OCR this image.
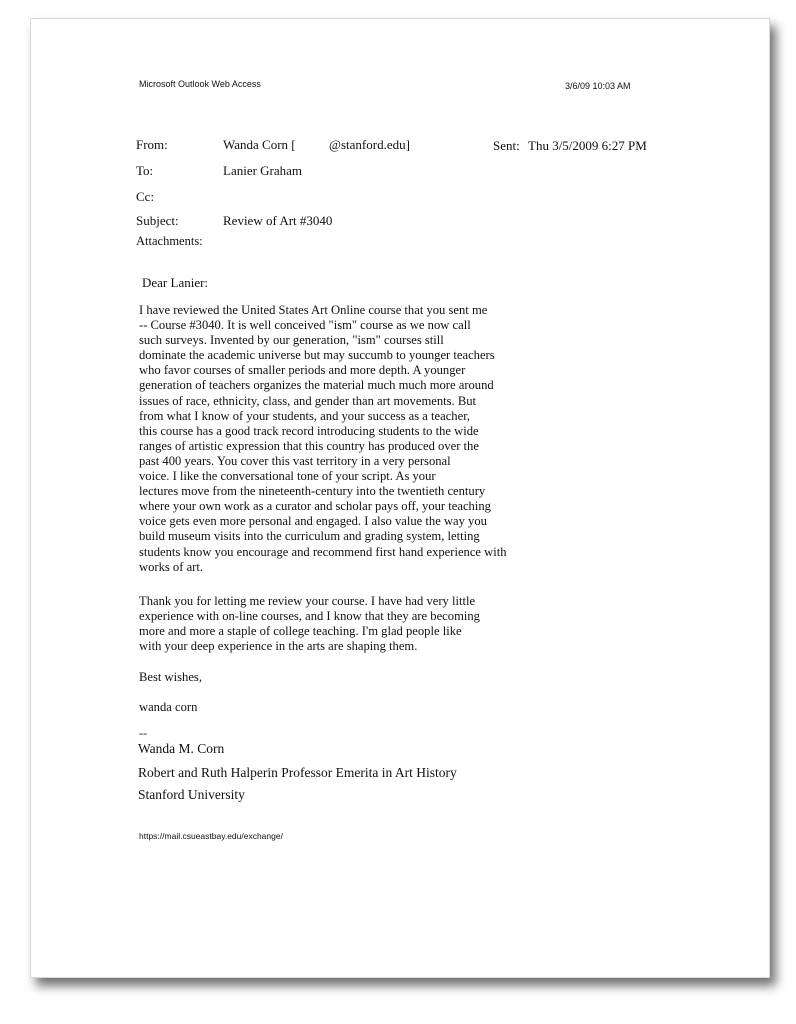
Microsoft Outlook Web Access	3/6/09 10:03 AM
From:	Wanda Corn [	@stanford.edu]	Sent: Thu 3/5/2009 6:27 PM
To:	Lanier Graham
Cc:
Subject:	Review of Art #3040
Attachments:
Dear Lanier:
I have reviewed the United States Art Online course that you sent me
-- Course #3040. It is well conceived "ism" course as we now call
such surveys. Invented by our generation, "ism" courses still
dominate the academic universe but may succumb to younger teachers
who favor courses of smaller periods and more depth. A younger
generation of teachers organizes the material much much more around
issues of race, ethnicity, class, and gender than art movements. But
from what I know of your students, and your success as a teacher,
this course has a good track record introducing students to the wide
ranges of artistic expression that this country has produced over the
past 400 years. You cover this vast territory in a very personal
voice. I like the conversational tone of your script. As your
lectures move from the nineteenth-century into the twentieth century
where your own work as a curator and scholar pays off, your teaching
voice gets even more personal and engaged. I also value the way you
build museum visits into the curriculum and grading system, letting
students know you encourage and recommend first hand experience with
works of art.
Thank you for letting me review your course. I have had very little
experience with on-line courses, and I know that they are becoming
more and more a staple of college teaching. I'm glad people like
with your deep experience in the arts are shaping them.
Best wishes,
wanda corn
--
Wanda M. Corn
Robert and Ruth Halperin Professor Emerita in Art History
Stanford University
https://mail.csueastbay.edu/exchange/
